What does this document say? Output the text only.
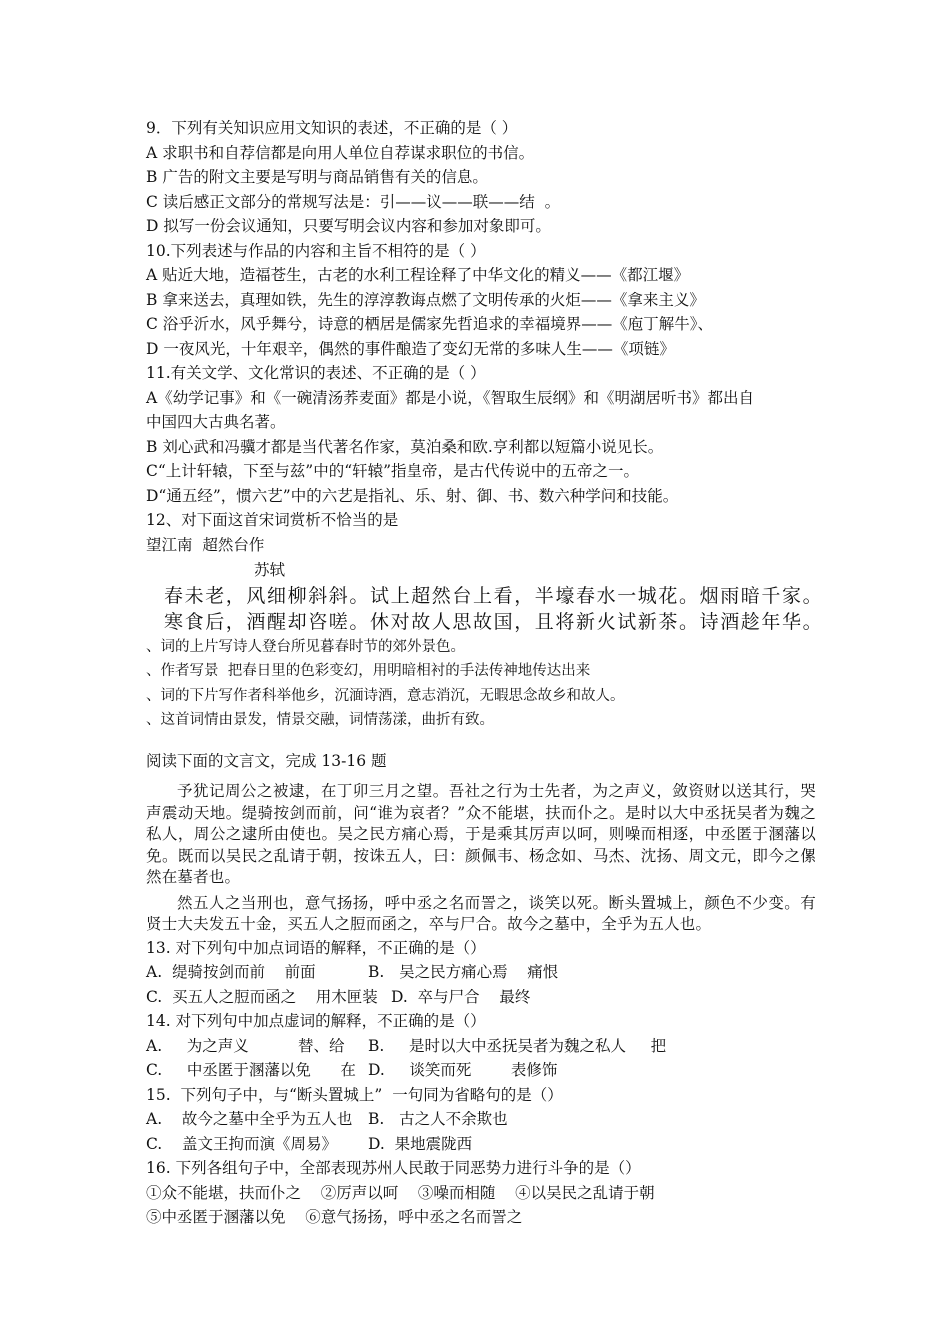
9．下列有关知识应用文知识的表述，不正确的是（ ）
A 求职书和自荐信都是向用人单位自荐谋求职位的书信。
B 广告的附文主要是写明与商品销售有关的信息。
C 读后感正文部分的常规写法是：引——议——联——结  。
D 拟写一份会议通知，只要写明会议内容和参加对象即可。
10.下列表述与作品的内容和主旨不相符的是（ ）
A 贴近大地，造福苍生，古老的水利工程诠释了中华文化的精义——《都江堰》
B 拿来送去，真理如铁，先生的淳淳教诲点燃了文明传承的火炬——《拿来主义》
C 浴乎沂水，风乎舞兮，诗意的栖居是儒家先哲追求的幸福境界——《庖丁解牛》、
D 一夜风光，十年艰辛，偶然的事件酿造了变幻无常的多味人生——《项链》
11.有关文学、文化常识的表述、不正确的是（ ）
A《幼学记事》和《一碗清汤荞麦面》都是小说，《智取生辰纲》和《明湖居听书》都出自
中国四大古典名著。
B 刘心武和冯骥才都是当代著名作家，莫泊桑和欧.亨利都以短篇小说见长。
C“上计轩辕，下至与兹”中的“轩辕”指皇帝，是古代传说中的五帝之一。
D“通五经”，惯六艺”中的六艺是指礼、乐、射、御、书、数六种学问和技能。
12、对下面这首宋词赏析不恰当的是
望江南  超然台作
苏轼
春未老，风细柳斜斜。试上超然台上看，半壕春水一城花。烟雨暗千家。
寒食后，酒醒却咨嗟。休对故人思故国，且将新火试新茶。诗酒趁年华。
、词的上片写诗人登台所见暮春时节的郊外景色。
、作者写景  把春日里的色彩变幻，用明暗相衬的手法传神地传达出来
、词的下片写作者科举他乡，沉湎诗酒，意志消沉，无暇思念故乡和故人。
、这首词情由景发，情景交融，词情荡漾，曲折有致。
阅读下面的文言文，完成 13-16 题
予犹记周公之被逮，在丁卯三月之望。吾社之行为士先者，为之声义，敛资财以送其行，哭声震动天地。缇骑按剑而前，问“谁为哀者？”众不能堪，扶而仆之。是时以大中丞抚吴者为魏之私人，周公之逮所由使也。吴之民方痛心焉，于是乘其厉声以呵，则噪而相逐，中丞匿于溷藩以免。既而以吴民之乱请于朝，按诛五人，曰：颜佩韦、杨念如、马杰、沈扬、周文元，即今之傫然在墓者也。
然五人之当刑也，意气扬扬，呼中丞之名而詈之，谈笑以死。断头置城上，颜色不少变。有贤士大夫发五十金，买五人之脰而函之，卒与尸合。故今之墓中，全乎为五人也。
13. 对下列句中加点词语的解释，不正确的是（）
A.  缇骑按剑而前    前面	B.   吴之民方痛心焉    痛恨
C.  买五人之脰而函之    用木匣装 D.  卒与尸合    最终
14. 对下列句中加点虚词的解释，不正确的是（）
A.     为之声义          替、给	B.     是时以大中丞抚吴者为魏之私人     把
C.     中丞匿于溷藩以免      在 D.     谈笑而死        表修饰
15.  下列句子中，与“断头置城上”  一句同为省略句的是（）
A.    故今之墓中全乎为五人也	B.   古之人不余欺也
C.    盖文王拘而演《周易》	D.  果地震陇西
16. 下列各组句子中，全部表现苏州人民敢于同恶势力进行斗争的是（）
①众不能堪，扶而仆之    ②厉声以呵    ③噪而相随    ④以吴民之乱请于朝
⑤中丞匿于溷藩以免    ⑥意气扬扬，呼中丞之名而詈之
